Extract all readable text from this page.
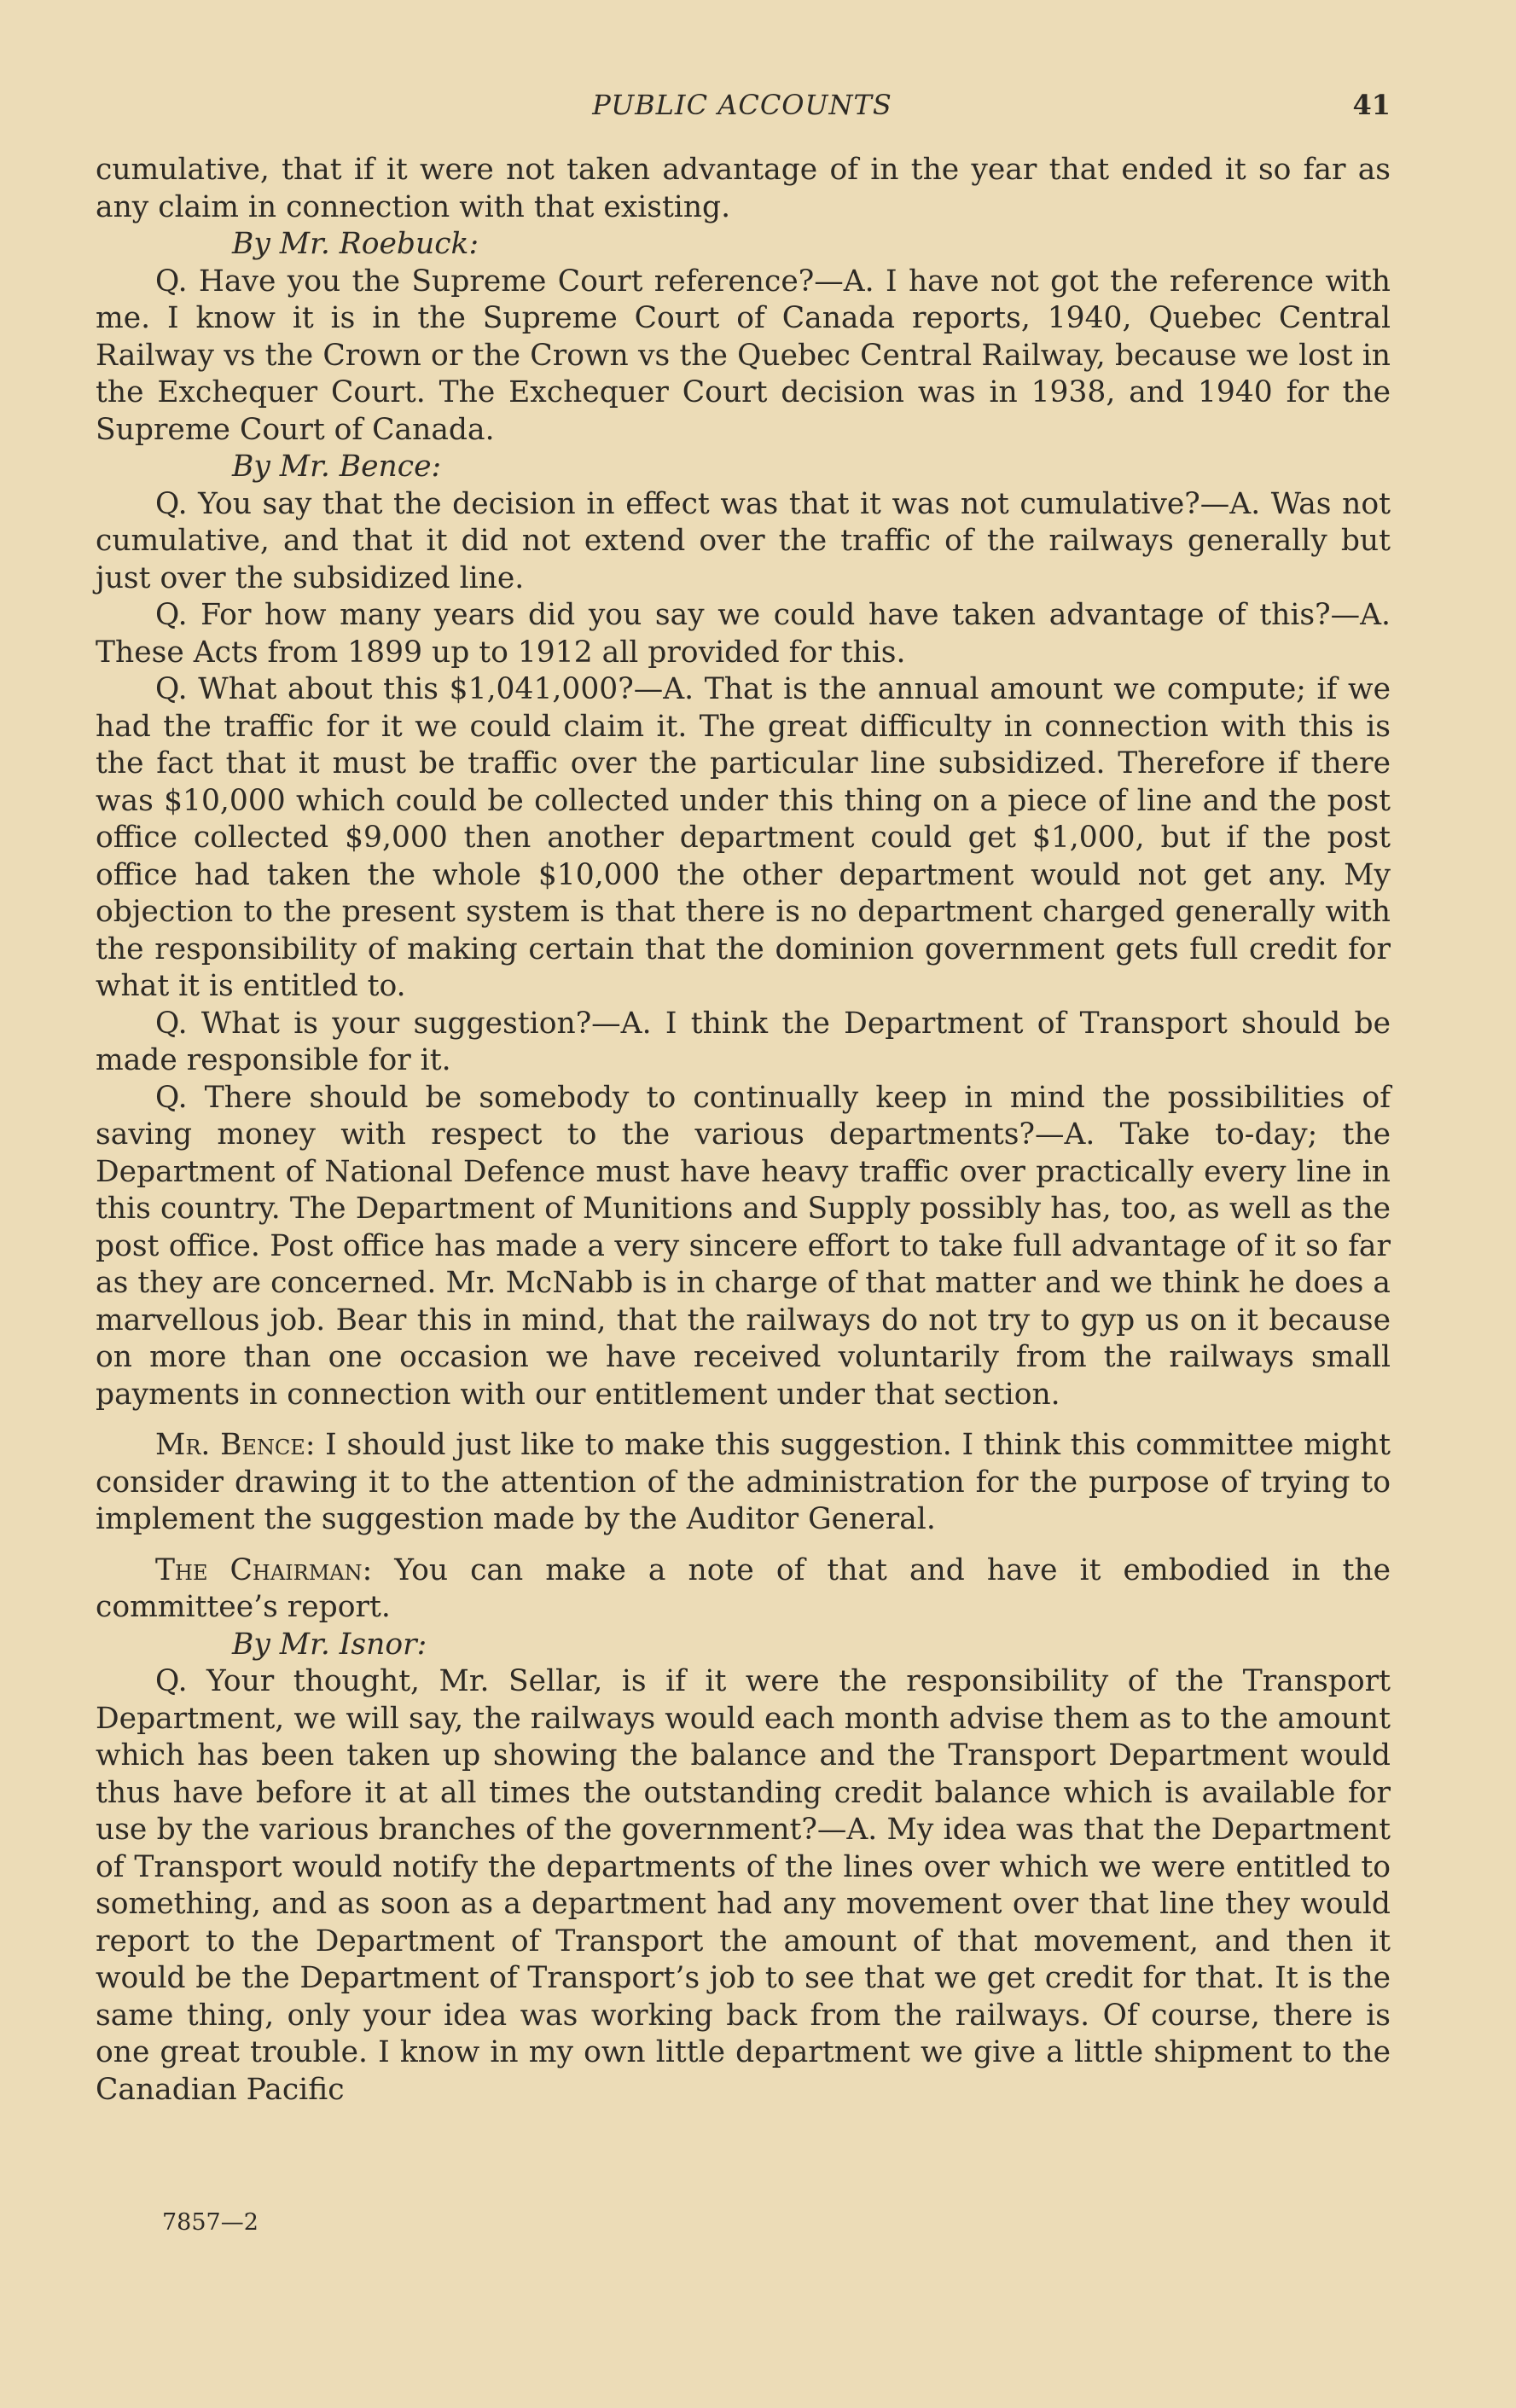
PUBLIC ACCOUNTS	41

cumulative, that if it were not taken advantage of in the year that ended it so far as any claim in connection with that existing.

By Mr. Roebuck:

Q. Have you the Supreme Court reference?—A. I have not got the reference with me. I know it is in the Supreme Court of Canada reports, 1940, Quebec Central Railway vs the Crown or the Crown vs the Quebec Central Railway, because we lost in the Exchequer Court. The Exchequer Court decision was in 1938, and 1940 for the Supreme Court of Canada.

By Mr. Bence:

Q. You say that the decision in effect was that it was not cumulative?—A. Was not cumulative, and that it did not extend over the traffic of the railways generally but just over the subsidized line.

Q. For how many years did you say we could have taken advantage of this?—A. These Acts from 1899 up to 1912 all provided for this.

Q. What about this $1,041,000?—A. That is the annual amount we compute; if we had the traffic for it we could claim it. The great difficulty in connection with this is the fact that it must be traffic over the particular line subsidized. Therefore if there was $10,000 which could be collected under this thing on a piece of line and the post office collected $9,000 then another department could get $1,000, but if the post office had taken the whole $10,000 the other department would not get any. My objection to the present system is that there is no department charged generally with the responsibility of making certain that the dominion government gets full credit for what it is entitled to.

Q. What is your suggestion?—A. I think the Department of Transport should be made responsible for it.

Q. There should be somebody to continually keep in mind the possibilities of saving money with respect to the various departments?—A. Take to-day; the Department of National Defence must have heavy traffic over practically every line in this country. The Department of Munitions and Supply possibly has, too, as well as the post office. Post office has made a very sincere effort to take full advantage of it so far as they are concerned. Mr. McNabb is in charge of that matter and we think he does a marvellous job. Bear this in mind, that the railways do not try to gyp us on it because on more than one occasion we have received voluntarily from the railways small payments in connection with our entitlement under that section.

Mr. Bence: I should just like to make this suggestion. I think this committee might consider drawing it to the attention of the administration for the purpose of trying to implement the suggestion made by the Auditor General.

The Chairman: You can make a note of that and have it embodied in the committee’s report.

By Mr. Isnor:

Q. Your thought, Mr. Sellar, is if it were the responsibility of the Transport Department, we will say, the railways would each month advise them as to the amount which has been taken up showing the balance and the Transport Department would thus have before it at all times the outstanding credit balance which is available for use by the various branches of the government?—A. My idea was that the Department of Transport would notify the departments of the lines over which we were entitled to something, and as soon as a department had any movement over that line they would report to the Department of Transport the amount of that movement, and then it would be the Department of Transport’s job to see that we get credit for that. It is the same thing, only your idea was working back from the railways. Of course, there is one great trouble. I know in my own little department we give a little shipment to the Canadian Pacific

7857—2
